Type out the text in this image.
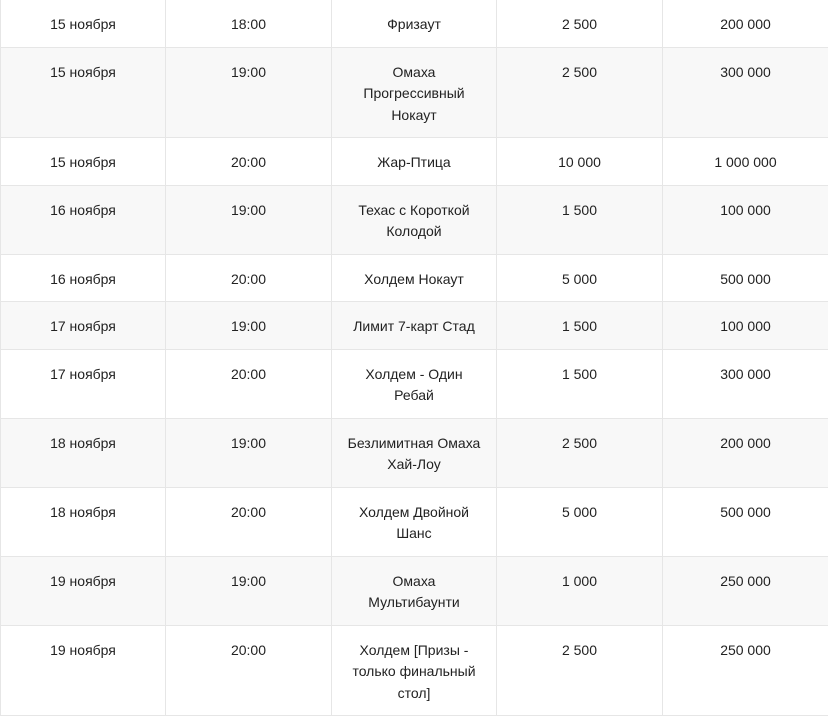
15 ноября	18:00	Фризаут	2 500	200 000
15 ноября	19:00	Омаха Прогрессивный Нокаут	2 500	300 000
15 ноября	20:00	Жар-Птица	10 000	1 000 000
16 ноября	19:00	Техас с Короткой Колодой	1 500	100 000
16 ноября	20:00	Холдем Нокаут	5 000	500 000
17 ноября	19:00	Лимит 7-карт Стад	1 500	100 000
17 ноября	20:00	Холдем - Один Ребай	1 500	300 000
18 ноября	19:00	Безлимитная Омаха Хай-Лоу	2 500	200 000
18 ноября	20:00	Холдем Двойной Шанс	5 000	500 000
19 ноября	19:00	Омаха Мультибаунти	1 000	250 000
19 ноября	20:00	Холдем [Призы - только финальный стол]	2 500	250 000
